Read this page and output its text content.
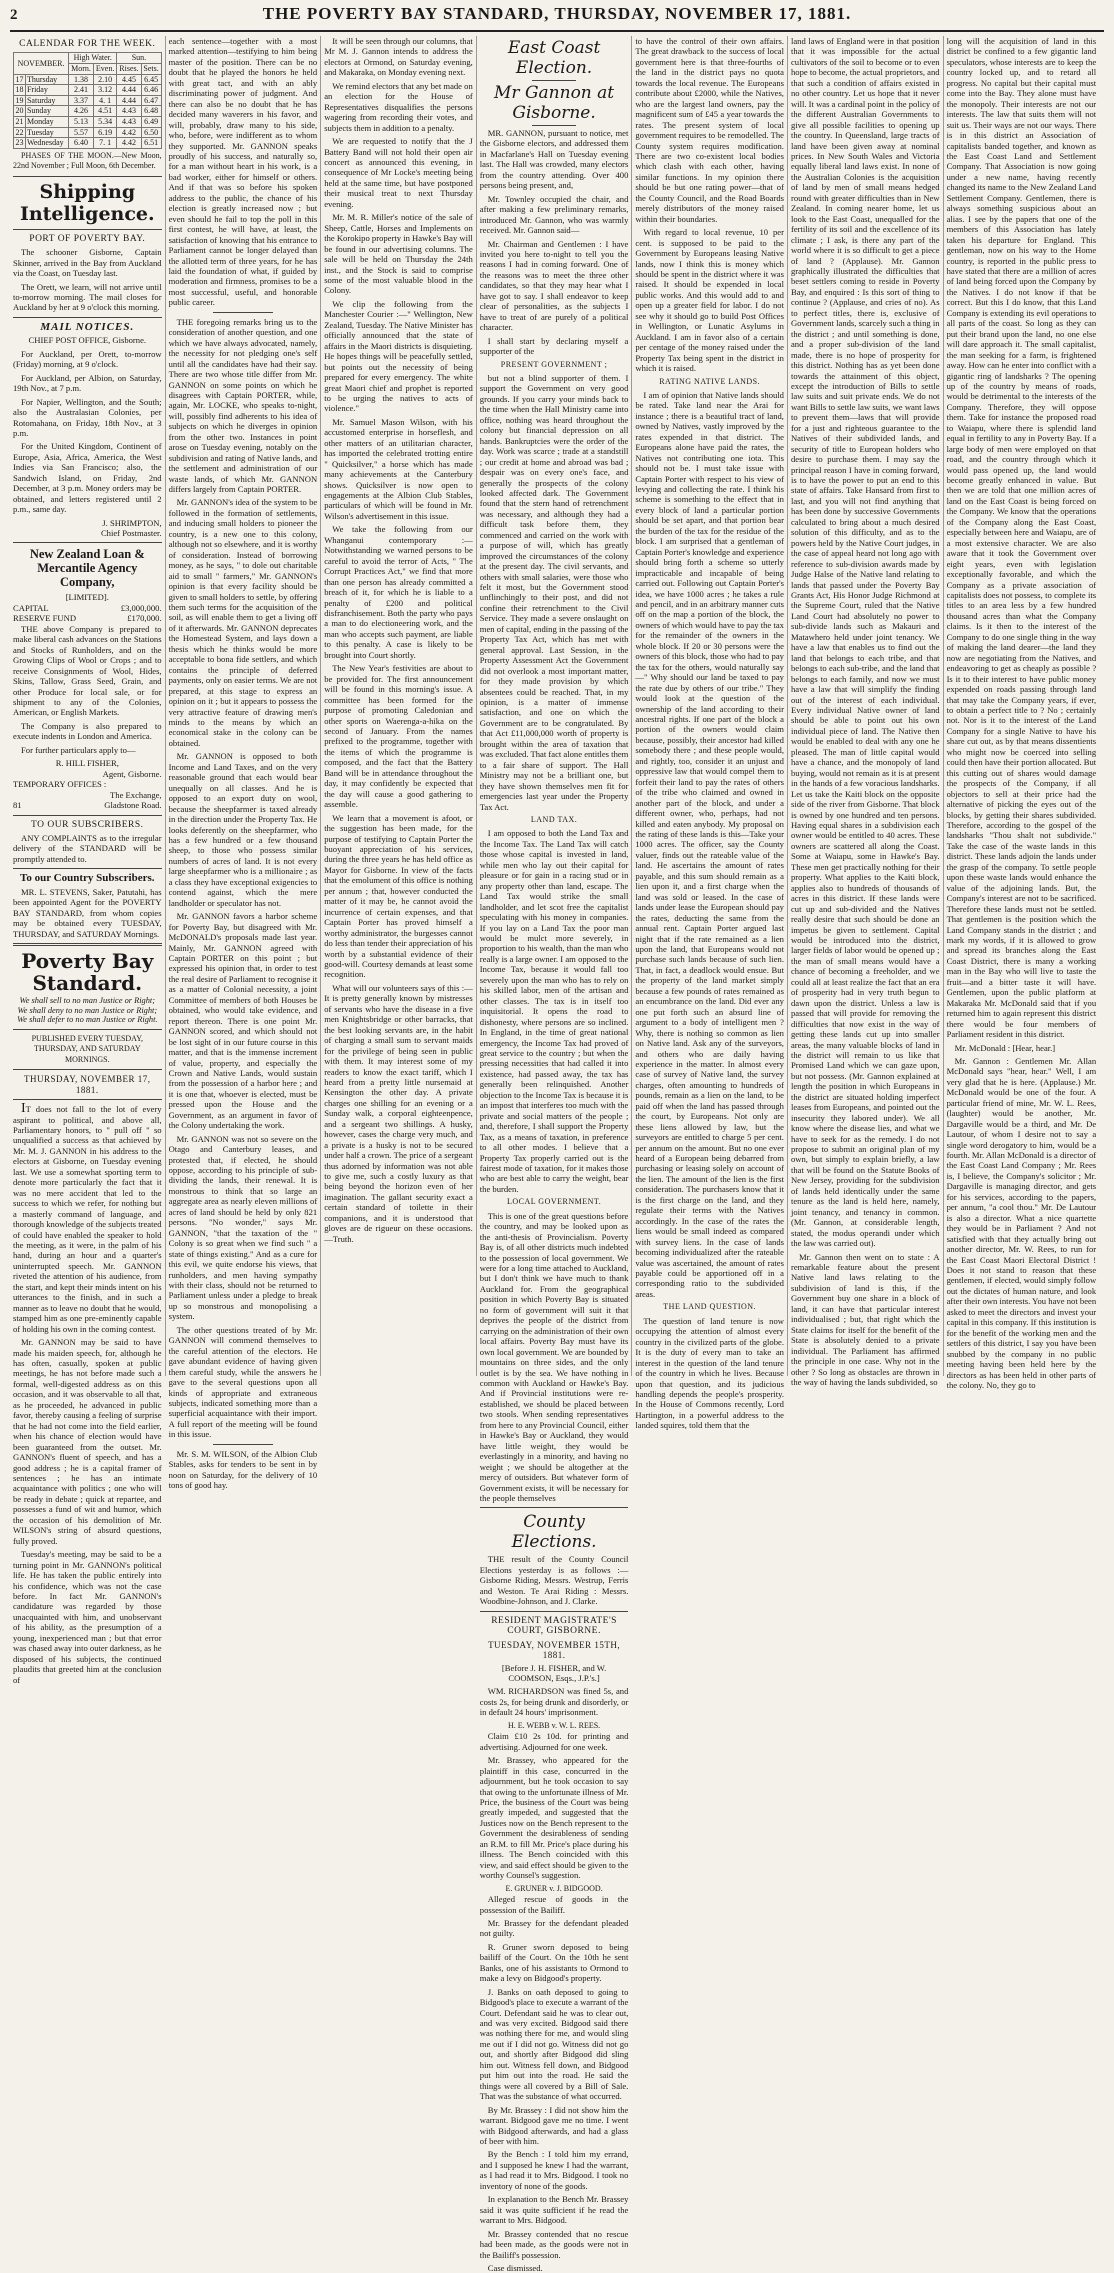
2	THE POVERTY BAY STANDARD, THURSDAY, NOVEMBER 17, 1881.
CALENDAR FOR THE WEEK.
NOVEMBER.		High Water.		Sun.	
		Morn.	Even.	Rises.	Sets.
17	Thursday	1.38	2.10	4.45	6.45
18	Friday	2.41	3.12	4.44	6.46
19	Saturday	3.37	4. 1	4.44	6.47
20	Sunday	4.26	4.51	4.43	6.48
21	Monday	5.13	5.34	4.43	6.49
22	Tuesday	5.57	6.19	4.42	6.50
23	Wednesday	6.40	7. 1	4.42	6.51

PHASES OF THE MOON.—New Moon, 22nd November ; Full Moon, 6th December.

Shipping Intelligence.
PORT OF POVERTY BAY.

The schooner Gisborne, Captain Skinner, arrived in the Bay from Auckland via the Coast, on Tuesday last.

The Orett, we learn, will not arrive until to-morrow morning. The mail closes for Auckland by her at 9 o'clock this morning.

MAIL NOTICES.

CHIEF POST OFFICE, Gisborne.

For Auckland, per Orett, to-morrow (Friday) morning, at 9 o'clock.

For Auckland, per Albion, on Saturday, 19th Nov., at 7 p.m.

For Napier, Wellington, and the South; also the Australasian Colonies, per Rotomahana, on Friday, 18th Nov., at 3 p.m.

For the United Kingdom, Continent of Europe, Asia, Africa, America, the West Indies via San Francisco; also, the Sandwich Island, on Friday, 2nd December, at 3 p.m. Money orders may be obtained, and letters registered until 2 p.m., same day.

J. SHRIMPTON,
Chief Postmaster.
New Zealand Loan & Mercantile Agency Company,
[LIMITED].
CAPITAL	£3,000,000.
RESERVE FUND	£170,000.

THE above Company is prepared to make liberal cash advances on the Stations and Stocks of Runholders, and on the Growing Clips of Wool or Crops ; and to receive Consignments of Wool, Hides, Skins, Tallow, Grass Seed, Grain, and other Produce for local sale, or for shipment to any of the Colonies, American, or English Markets.

The Company is also prepared to execute indents in London and America.

For further particulars apply to—

R. HILL FISHER,
Agent, Gisborne.
TEMPORARY OFFICES :
The Exchange,
81	Gladstone Road.
TO OUR SUBSCRIBERS.

ANY COMPLAINTS as to the irregular delivery of the STANDARD will be promptly attended to.

To our Country Subscribers.

MR. L. STEVENS, Saker, Patutahi, has been appointed Agent for the POVERTY BAY STANDARD, from whom copies may be obtained every TUESDAY, THURSDAY, and SATURDAY Mornings.

Poverty Bay Standard.
We shall sell to no man Justice or Right;
We shall deny to no man Justice or Right;
We shall defer to no man Justice or Right.
PUBLISHED EVERY TUESDAY, THURSDAY, AND SATURDAY MORNINGS.
THURSDAY, NOVEMBER 17, 1881.

IT does not fall to the lot of every aspirant to political, and above all, Parliamentary honors, to " pull off " so unqualified a success as that achieved by Mr. M. J. GANNON in his address to the electors at Gisborne, on Tuesday evening last. We use a somewhat sporting term to denote more particularly the fact that it was no mere accident that led to the success to which we refer, for nothing but a masterly command of language, and thorough knowledge of the subjects treated of could have enabled the speaker to hold the meeting, as it were, in the palm of his hand, during an hour and a quarter's uninterrupted speech. Mr. GANNON riveted the attention of his audience, from the start, and kept their minds intent on his utterances to the finish, and in such a manner as to leave no doubt that he would, stamped him as one pre-eminently capable of holding his own in the coming contest.

Mr. GANNON may be said to have made his maiden speech, for, although he has often, casually, spoken at public meetings, he has not before made such a formal, well-digested address as on this occasion, and it was observable to all that, as he proceeded, he advanced in public favor, thereby causing a feeling of surprise that he had not come into the field earlier, when his chance of election would have been guaranteed from the outset. Mr. GANNON's fluent of speech, and has a good address ; he is a capital framer of sentences ; he has an intimate acquaintance with politics ; one who will be ready in debate ; quick at repartee, and possesses a fund of wit and humor, which the occasion of his demolition of Mr. WILSON's string of absurd questions, fully proved.

Tuesday's meeting, may be said to be a turning point in Mr. GANNON's political life. He has taken the public entirely into his confidence, which was not the case before. In fact Mr. GANNON's candidature was regarded by those unacquainted with him, and unobservant of his ability, as the presumption of a young, inexperienced man ; but that error was chased away into outer darkness, as he disposed of his subjects, the continued plaudits that greeted him at the conclusion of

each sentence—together with a most marked attention—testifying to him being master of the position. There can be no doubt that he played the honors he held with great tact, and with an ably discriminating power of judgment. And there can also be no doubt that he has decided many waverers in his favor, and will, probably, draw many to his side, who, before, were indifferent as to whom they supported. Mr. GANNON speaks proudly of his success, and naturally so, for a man without heart in his work, is a bad worker, either for himself or others. And if that was so before his spoken address to the public, the chance of his election is greatly increased now ; but even should he fail to top the poll in this first contest, he will have, at least, the satisfaction of knowing that his entrance to Parliament cannot be longer delayed than the allotted term of three years, for he has laid the foundation of what, if guided by moderation and firmness, promises to be a most successful, useful, and honorable public career.

THE foregoing remarks bring us to the consideration of another question, and one which we have always advocated, namely, the necessity for not pledging one's self until all the candidates have had their say. There are two whose title differ from Mr. GANNON on some points on which he disagrees with Captain PORTER, while, again, Mr. LOCKE, who speaks to-night, will, possibly find adherents to his idea of subjects on which he diverges in opinion from the other two. Instances in point arose on Tuesday evening, notably on the subdivision and rating of Native lands, and the settlement and administration of our waste lands, of which Mr. GANNON differs largely from Captain PORTER.

Mr. GANNON's idea of the system to be followed in the formation of settlements, and inducing small holders to pioneer the country, is a new one to this colony, although not so elsewhere, and it is worthy of consideration. Instead of borrowing money, as he says, " to dole out charitable aid to small " farmers," Mr. GANNON's opinion is that every facility should be given to small holders to settle, by offering them such terms for the acquisition of the soil, as will enable them to get a living off of it afterwards. Mr. GANNON deprecates the Homestead System, and lays down a thesis which he thinks would be more acceptable to bona fide settlers, and which contains the principle of deferred payments, only on easier terms. We are not prepared, at this stage to express an opinion on it ; but it appears to possess the very attractive feature of drawing men's minds to the means by which an economical stake in the colony can be obtained.

Mr. GANNON is opposed to both Income and Land Taxes, and on the very reasonable ground that each would bear unequally on all classes. And he is opposed to an export duty on wool, because the sheepfarmer is taxed already in the direction under the Property Tax. He looks deferently on the sheepfarmer, who has a few hundred or a few thousand sheep, to those who possess similar numbers of acres of land. It is not every large sheepfarmer who is a millionaire ; as a class they have exceptional exigencies to contend against, which the mere landholder or speculator has not.

Mr. GANNON favors a harbor scheme for Poverty Bay, but disagreed with Mr. McDONALD's proposals made last year. Mainly, Mr. GANNON agreed with Captain PORTER on this point ; but expressed his opinion that, in order to test the real desire of Parliament to recognise it as a matter of Colonial necessity, a joint Committee of members of both Houses be obtained, who would take evidence, and report thereon. There is one point Mr. GANNON scored, and which should not be lost sight of in our future course in this matter, and that is the immense increment of value, property, and especially the Crown and Native Lands, would sustain from the possession of a harbor here ; and it is one that, whoever is elected, must be pressed upon the House and the Government, as an argument in favor of the Colony undertaking the work.

Mr. GANNON was not so severe on the Otago and Canterbury leases, and protested that, if elected, he should oppose, according to his principle of sub-dividing the lands, their renewal. It is monstrous to think that so large an aggregate area as nearly eleven millions of acres of land should be held by only 821 persons. "No wonder," says Mr. GANNON, "that the taxation of the " Colony is so great when we find such " a state of things existing." And as a cure for this evil, we quite endorse his views, that runholders, and men having sympathy with their class, should not be returned to Parliament unless under a pledge to break up so monstrous and monopolising a system.

The other questions treated of by Mr. GANNON will commend themselves to the careful attention of the electors. He gave abundant evidence of having given them careful study, while the answers he gave to the several questions upon all kinds of appropriate and extraneous subjects, indicated something more than a superficial acquaintance with their import. A full report of the meeting will be found in this issue.

Mr. S. M. WILSON, of the Albion Club Stables, asks for tenders to be sent in by noon on Saturday, for the delivery of 10 tons of good hay.

It will be seen through our columns, that Mr M. J. Gannon intends to address the electors at Ormond, on Saturday evening, and Makaraka, on Monday evening next.

We remind electors that any bet made on an election for the House of Representatives disqualifies the persons wagering from recording their votes, and subjects them in addition to a penalty.

We are requested to notify that the J Battery Band will not hold their open air concert as announced this evening, in consequence of Mr Locke's meeting being held at the same time, but have postponed their musical treat to next Thursday evening.

Mr. M. R. Miller's notice of the sale of Sheep, Cattle, Horses and Implements on the Korokipo property in Hawke's Bay will be found in our advertising columns. The sale will be held on Thursday the 24th inst., and the Stock is said to comprise some of the most valuable blood in the Colony.

We clip the following from the Manchester Courier :—" Wellington, New Zealand, Tuesday. The Native Minister has officially announced that the state of affairs in the Maori districts is disquieting. He hopes things will be peacefully settled, but points out the necessity of being prepared for every emergency. The white great Maori chief and prophet is reported to be urging the natives to acts of violence."

Mr. Samuel Mason Wilson, with his accustomed enterprise in horseflesh, and other matters of an utilitarian character, has imported the celebrated trotting entire " Quicksilver," a horse which has made many achievements at the Canterbury shows. Quicksilver is now open to engagements at the Albion Club Stables, particulars of which will be found in Mr. Wilson's advertisement in this issue.

We take the following from our Whanganui contemporary :—Notwithstanding we warned persons to be careful to avoid the terror of Acts, " The Corrupt Practices Act," we find that more than one person has already committed a breach of it, for which he is liable to a penalty of £200 and political disfranchisement. Both the party who pays a man to do electioneering work, and the man who accepts such payment, are liable to this penalty. A case is likely to be brought into Court shortly.

The New Year's festivities are about to be provided for. The first announcement will be found in this morning's issue. A committee has been formed for the purpose of promoting Caledonian and other sports on Waerenga-a-hika on the second of January. From the names prefixed to the programme, together with the items of which the programme is composed, and the fact that the Battery Band will be in attendance throughout the day, it may confidently be expected that the day will cause a good gathering to assemble.

We learn that a movement is afoot, or the suggestion has been made, for the purpose of testifying to Captain Porter the buoyant appreciation of his services, during the three years he has held office as Mayor for Gisborne. In view of the facts that the emolument of this office is nothing per annum ; that, however conducted the matter of it may be, he cannot avoid the incurrence of certain expenses, and that Captain Porter has proved himself a worthy administrator, the burgesses cannot do less than tender their appreciation of his worth by a substantial evidence of their good-will. Courtesy demands at least some recognition.

What will our volunteers says of this :—It is pretty generally known by mistresses of servants who have the disease in a five men Knightsbridge or other barracks, that the best looking servants are, in the habit of charging a small sum to servant maids for the privilege of being seen in public with them. It may interest some of my readers to know the exact tariff, which I heard from a pretty little nursemaid at Kensington the other day. A private charges one shilling for an evening or a Sunday walk, a corporal eighteenpence, and a sergeant two shillings. A husky, however, cases the charge very much, and a private is a husky is not to be secured under half a crown. The price of a sergeant thus adorned by information was not able to give me, such a costly luxury as that being beyond the horizon even of her imagination. The gallant security exact a certain standard of toilette in their companions, and it is understood that gloves are de rigueur on these occasions.—Truth.

East Coast Election.
Mr Gannon at Gisborne.

MR. GANNON, pursuant to notice, met the Gisborne electors, and addressed them in Macfarlane's Hall on Tuesday evening last. The Hall was crowded, many electors from the country attending. Over 400 persons being present, and,

Mr. Townley occupied the chair, and after making a few preliminary remarks, introduced Mr. Gannon, who was warmly received. Mr. Gannon said—

Mr. Chairman and Gentlemen : I have invited you here to-night to tell you the reasons I had in coming forward. One of the reasons was to meet the three other candidates, so that they may hear what I have got to say. I shall endeavor to keep clear of personalities, as the subjects I have to treat of are purely of a political character.

I shall start by declaring myself a supporter of the

PRESENT GOVERNMENT ;

but not a blind supporter of them. I support the Government on very good grounds. If you carry your minds back to the time when the Hall Ministry came into office, nothing was heard throughout the colony but financial depression on all hands. Bankruptcies were the order of the day. Work was scarce ; trade at a standstill ; our credit at home and abroad was bad ; despair was on every one's face, and generally the prospects of the colony looked affected dark. The Government found that the stern hand of retrenchment was necessary, and although they had a difficult task before them, they commenced and carried on the work with a purpose of will, which has greatly improved the circumstances of the colony at the present day. The civil servants, and others with small salaries, were those who felt it most, but the Government stood unflinchingly to their post, and did not confine their retrenchment to the Civil Service. They made a severe onslaught on men of capital, ending in the passing of the Property Tax Act, which has met with general approval. Last Session, in the Property Assessment Act the Government did not overlook a most important matter, for they made provision by which absentees could be reached. That, in my opinion, is a matter of immense satisfaction, and one on which the Government are to be congratulated. By that Act £11,000,000 worth of property is brought within the area of taxation that was excluded. That fact alone entitles them to a fair share of support. The Hall Ministry may not be a brilliant one, but they have shown themselves men fit for emergencies last year under the Property Tax Act.

LAND TAX.

I am opposed to both the Land Tax and the Income Tax. The Land Tax will catch those whose capital is invested in land, while men who lay out their capital for pleasure or for gain in a racing stud or in any property other than land, escape. The Land Tax would strike the small landholder, and let scot free the capitalist speculating with his money in companies. If you lay on a Land Tax the poor man would be mulct more severely, in proportion to his wealth, than the man who really is a large owner. I am opposed to the Income Tax, because it would fall too severely upon the man who has to rely on his skilled labor, men of the artisan and other classes. The tax is in itself too inquisitorial. It opens the road to dishonesty, where persons are so inclined. In England, in the time of great national emergency, the Income Tax had proved of great service to the country ; but when the pressing necessities that had called it into existence, had passed away, the tax has generally been relinquished. Another objection to the Income Tax is because it is an impost that interferes too much with the private and social matters of the people ; and, therefore, I shall support the Property Tax, as a means of taxation, in preference to all other modes. I believe that a Property Tax properly carried out is the fairest mode of taxation, for it makes those who are best able to carry the weight, bear the burden.

LOCAL GOVERNMENT.

This is one of the great questions before the country, and may be looked upon as the anti-thesis of Provincialism. Poverty Bay is, of all other districts much indebted to the possession of local government. We were for a long time attached to Auckland, but I don't think we have much to thank Auckland for. From the geographical position in which Poverty Bay is situated no form of government will suit it that deprives the people of the district from carrying on the administration of their own local affairs. Poverty Bay must have its own local government. We are bounded by mountains on three sides, and the only outlet is by the sea. We have nothing in common with Auckland or Hawke's Bay. And if Provincial institutions were re-established, we should be placed between two stools. When sending representatives from here to any Provincial Council, either in Hawke's Bay or Auckland, they would have little weight, they would be everlastingly in a minority, and having no weight ; we should be altogether at the mercy of outsiders. But whatever form of Government exists, it will be necessary for the people themselves

County Elections.

THE result of the County Council Elections yesterday is as follows :—Gisborne Riding, Messrs. Westrup, Ferris and Weston. Te Arai Riding : Messrs. Woodbine-Johnson, and J. Clarke.

RESIDENT MAGISTRATE'S COURT, GISBORNE.
TUESDAY, NOVEMBER 15TH, 1881.

[Before J. H. FISHER, and W. COOMSON, Esqs., J.P.'s.]

WM. RICHARDSON was fined 5s, and costs 2s, for being drunk and disorderly, or in default 24 hours' imprisonment.

H. E. WEBB v. W. L. REES.

Claim £10 2s 10d. for printing and advertising. Adjourned for one week.

Mr. Brassey, who appeared for the plaintiff in this case, concurred in the adjournment, but he took occasion to say that owing to the unfortunate illness of Mr. Price, the business of the Court was being greatly impeded, and suggested that the Justices now on the Bench represent to the Government the desirableness of sending an R.M. to fill Mr. Price's place during his illness. The Bench coincided with this view, and said effect should be given to the worthy Counsel's suggestion.

E. GRUNER v. J. BIDGOOD.

Alleged rescue of goods in the possession of the Bailiff.

Mr. Brassey for the defendant pleaded not guilty.

R. Gruner sworn deposed to being bailiff of the Court. On the 10th he sent Banks, one of his assistants to Ormond to make a levy on Bidgood's property.

J. Banks on oath deposed to going to Bidgood's place to execute a warrant of the Court. Defendant said he was to clear out, and was very excited. Bidgood said there was nothing there for me, and would sling me out if I did not go. Witness did not go out, and shortly after Bidgood did sling him out. Witness fell down, and Bidgood put him out into the road. He said the things were all covered by a Bill of Sale. That was the substance of what occurred.

By Mr. Brassey : I did not show him the warrant. Bidgood gave me no time. I went with Bidgood afterwards, and had a glass of beer with him.

By the Bench : I told him my errand, and I supposed he knew I had the warrant, as I had read it to Mrs. Bidgood. I took no inventory of none of the goods.

In explanation to the Bench Mr. Brassey said it was quite sufficient if he read the warrant to Mrs. Bidgood.

Mr. Brassey contended that no rescue had been made, as the goods were not in the Bailiff's possession.

Case dismissed.

to have the control of their own affairs. The great drawback to the success of local government here is that three-fourths of the land in the district pays no quota towards the local revenue. The Europeans contribute about £2000, while the Natives, who are the largest land owners, pay the magnificent sum of £45 a year towards the rates. The present system of local government requires to be remodelled. The County system requires modification. There are two co-existent local bodies which clash with each other, having similar functions. In my opinion there should be but one rating power—that of the County Council, and the Road Boards merely distributors of the money raised within their boundaries.

With regard to local revenue, 10 per cent. is supposed to be paid to the Government by Europeans leasing Native lands, now I think this is money which should be spent in the district where it was raised. It should be expended in local public works. And this would add to and open up a greater field for labor. I do not see why it should go to build Post Offices in Wellington, or Lunatic Asylums in Auckland. I am in favor also of a certain per centage of the money raised under the Property Tax being spent in the district in which it is raised.

RATING NATIVE LANDS.

I am of opinion that Native lands should be rated. Take land near the Arai for instance ; there is a beautiful tract of land, owned by Natives, vastly improved by the rates expended in that district. The Europeans alone have paid the rates, the Natives not contributing one iota. This should not be. I must take issue with Captain Porter with respect to his view of levying and collecting the rate. I think his scheme is something to the effect that in every block of land a particular portion should be set apart, and that portion bear the burden of the tax for the residue of the block. I am surprised that a gentleman of Captain Porter's knowledge and experience should bring forth a scheme so utterly impracticable and incapable of being carried out. Following out Captain Porter's idea, we have 1000 acres ; he takes a rule and pencil, and in an arbitrary manner cuts off on the map a portion of the block, the owners of which would have to pay the tax for the remainder of the owners in the whole block. If 20 or 30 persons were the owners of this block, those who had to pay the tax for the others, would naturally say—" Why should our land be taxed to pay the rate due by others of our tribe." They would look at the question of the ownership of the land according to their ancestral rights. If one part of the block a portion of the owners would claim because, possibly, their ancestor had killed somebody there ; and these people would, and rightly, too, consider it an unjust and oppressive law that would compel them to forfeit their land to pay the rates of others of the tribe who claimed and owned in another part of the block, and under a different owner, who, perhaps, had not killed and eaten anybody. My proposal on the rating of these lands is this—Take your 1000 acres. The officer, say the County valuer, finds out the rateable value of the land. He ascertains the amount of rates payable, and this sum should remain as a lien upon it, and a first charge when the land was sold or leased. In the case of lands under lease the European should pay the rates, deducting the same from the annual rent. Captain Porter argued last night that if the rate remained as a lien upon the land, that Europeans would not purchase such lands because of such lien. That, in fact, a deadlock would ensue. But the property of the land market simply because a few pounds of rates remained as an encumbrance on the land. Did ever any one put forth such an absurd line of argument to a body of intelligent men ? Why, there is nothing so common as lien on Native land. Ask any of the surveyors, and others who are daily having experience in the matter. In almost every case of survey of Native land, the survey charges, often amounting to hundreds of pounds, remain as a lien on the land, to be paid off when the land has passed through the court, by Europeans. Not only are these liens allowed by law, but the surveyors are entitled to charge 5 per cent. per annum on the amount. But no one ever heard of a European being debarred from purchasing or leasing solely on account of the lien. The amount of the lien is the first consideration. The purchasers know that it is the first charge on the land, and they regulate their terms with the Natives accordingly. In the case of the rates the liens would be small indeed as compared with survey liens. In the case of lands becoming individualized after the rateable value was ascertained, the amount of rates payable could be apportioned off in a corresponding ratio to the subdivided areas.

THE LAND QUESTION.

The question of land tenure is now occupying the attention of almost every country in the civilized parts of the globe. It is the duty of every man to take an interest in the question of the land tenure of the country in which he lives. Because upon that question, and its judicious handling depends the people's prosperity. In the House of Commons recently, Lord Hartington, in a powerful address to the landed squires, told them that the

land laws of England were in that position that it was impossible for the actual cultivators of the soil to become or to even hope to become, the actual proprietors, and that such a condition of affairs existed in no other country. Let us hope that it never will. It was a cardinal point in the policy of the different Australian Governments to give all possible facilities to opening up the country. In Queensland, large tracts of land have been given away at nominal prices. In New South Wales and Victoria equally liberal land laws exist. In none of the Australian Colonies is the acquisition of land by men of small means hedged round with greater difficulties than in New Zealand. In coming nearer home, let us look to the East Coast, unequalled for the fertility of its soil and the excellence of its climate ; I ask, is there any part of the world where it is so difficult to get a piece of land ? (Applause). Mr. Gannon graphically illustrated the difficulties that beset settlers coming to reside in Poverty Bay, and enquired : Is this sort of thing to continue ? (Applause, and cries of no). As to perfect titles, there is, exclusive of Government lands, scarcely such a thing in the district ; and until something is done, and a proper sub-division of the land made, there is no hope of prosperity for this district. Nothing has as yet been done towards the attainment of this object, except the introduction of Bills to settle law suits and suit private ends. We do not want Bills to settle law suits, we want laws to prevent them—laws that will provide for a just and righteous guarantee to the Natives of their subdivided lands, and security of title to European holders who desire to purchase them. I may say the principal reason I have in coming forward, is to have the power to put an end to this state of affairs. Take Hansard from first to last, and you will not find anything that has been done by successive Governments calculated to bring about a much desired solution of this difficulty, and as to the powers held by the Native Court judges, in the case of appeal heard not long ago with reference to sub-division awards made by Judge Halse of the Native land relating to lands that passed under the Poverty Bay Grants Act, His Honor Judge Richmond at the Supreme Court, ruled that the Native Land Court had absolutely no power to sub-divide lands such as Makauri and Matawhero held under joint tenancy. We have a law that enables us to find out the land that belongs to each tribe, and that belongs to each sub-tribe, and the land that belongs to each family, and now we must have a law that will simplify the finding out of the interest of each individual. Every individual Native owner of land should be able to point out his own individual piece of land. The Native then would be enabled to deal with any one he pleased. The man of little capital would have a chance, and the monopoly of land buying, would not remain as it is at present in the hands of a few voracious landsharks. Let us take the Kaiti block on the opposite side of the river from Gisborne. That block is owned by one hundred and ten persons. Having equal shares in a subdivision each owner would be entitled to 40 acres. These owners are scattered all along the Coast. Some at Waiapu, some in Hawke's Bay. These men get practically nothing for their property. What applies to the Kaiti block, applies also to hundreds of thousands of acres in this district. If these lands were cut up and sub-divided and the Natives really desire that such should be done an impetus be given to settlement. Capital would be introduced into the district, larger fields of labor would be opened up ; the man of small means would have a chance of becoming a freeholder, and we could all at least realize the fact that an era of prosperity had in very truth begun to dawn upon the district. Unless a law is passed that will provide for removing the difficulties that now exist in the way of getting these lands cut up into smaller areas, the many valuable blocks of land in the district will remain to us like that Promised Land which we can gaze upon, but not possess. (Mr. Gannon explained at length the position in which Europeans in the district are situated holding imperfect leases from Europeans, and pointed out the insecurity they labored under). We all know where the disease lies, and what we have to seek for as the remedy. I do not propose to submit an original plan of my own, but simply to explain briefly, a law that will be found on the Statute Books of New Jersey, providing for the subdivision of lands held identically under the same tenure as the land is held here, namely, joint tenancy, and tenancy in common. (Mr. Gannon, at considerable length, stated, the modus operandi under which the law was carried out).

Mr. Gannon then went on to state : A remarkable feature about the present Native land laws relating to the subdivision of land is this, if the Government buy one share in a block of land, it can have that particular interest individualised ; but, that right which the State claims for itself for the benefit of the State is absolutely denied to a private individual. The Parliament has affirmed the principle in one case. Why not in the other ? So long as obstacles are thrown in the way of having the lands subdivided, so

long will the acquisition of land in this district be confined to a few gigantic land speculators, whose interests are to keep the country locked up, and to retard all progress. No capital but their capital must come into the Bay. They alone must have the monopoly. Their interests are not our interests. The law that suits them will not suit us. Their ways are not our ways. There is in this district an Association of capitalists banded together, and known as the East Coast Land and Settlement Company. That Association is now going under a new name, having recently changed its name to the New Zealand Land Settlement Company. Gentlemen, there is always something suspicious about an alias. I see by the papers that one of the members of this Association has lately taken his departure for England. This gentleman, now on his way to the Home country, is reported in the public press to have stated that there are a million of acres of land being forced upon the Company by the Natives. I do not know if that be correct. But this I do know, that this Land Company is extending its evil operations to all parts of the coast. So long as they can put their brand upon the land, no one else will dare approach it. The small capitalist, the man seeking for a farm, is frightened away. How can he enter into conflict with a gigantic ring of landsharks ? The opening up of the country by means of roads, would be detrimental to the interests of the Company. Therefore, they will oppose them. Take for instance the proposed road to Waiapu, where there is splendid land equal in fertility to any in Poverty Bay. If a large body of men were employed on that road, and the country through which it would pass opened up, the land would become greatly enhanced in value. But then we are told that one million acres of land on the East Coast is being forced on the Company. We know that the operations of the Company along the East Coast, especially between here and Waiapu, are of a most extensive character. We are also aware that it took the Government over eight years, even with legislation exceptionally favorable, and which the Company as a private association of capitalists does not possess, to complete its titles to an area less by a few hundred thousand acres than what the Company claims. Is it then to the interest of the Company to do one single thing in the way of making the land dearer—the land they now are negotiating from the Natives, and endeavoring to get as cheaply as possible ? Is it to their interest to have public money expended on roads passing through land that may take the Company years, if ever, to obtain a perfect title to ? No ; certainly not. Nor is it to the interest of the Land Company for a single Native to have his share cut out, as by that means dissentients who might now be coerced into selling could then have their portion allocated. But this cutting out of shares would damage the prospects of the Company, if all objectors to sell at their price had the alternative of picking the eyes out of the blocks, by getting their shares subdivided. Therefore, according to the gospel of the landsharks "Thou shalt not subdivide." Take the case of the waste lands in this district. These lands adjoin the lands under the grasp of the company. To settle people upon these waste lands would enhance the value of the adjoining lands. But, the Company's interest are not to be sacrificed. Therefore these lands must not be settled. That gentlemen is the position which the Land Company stands in the district ; and mark my words, if it is allowed to grow and spread its branches along the East Coast District, there is many a working man in the Bay who will live to taste the fruit—and a bitter taste it will have. Gentlemen, upon the public platform at Makaraka Mr. McDonald said that if you returned him to again represent this district there would be four members of Parliament resident in this district.

Mr. McDonald : [Hear, hear.]

Mr. Gannon : Gentlemen Mr. Allan McDonald says "hear, hear." Well, I am very glad that he is here. (Applause.) Mr. McDonald would be one of the four. A particular friend of mine, Mr. W. L. Rees, (laughter) would be another, Mr. Dargaville would be a third, and Mr. De Lautour, of whom I desire not to say a single word derogatory to him, would be a fourth. Mr. Allan McDonald is a director of the East Coast Land Company ; Mr. Rees is, I believe, the Company's solicitor ; Mr. Dargaville is managing director, and gets for his services, according to the papers, per annum, "a cool thou." Mr. De Lautour is also a director. What a nice quartette they would be in Parliament ? And not satisfied with that they actually bring out another director, Mr. W. Rees, to run for the East Coast Maori Electoral District ! Does it not stand to reason that these gentlemen, if elected, would simply follow out the dictates of human nature, and look after their own interests. You have not been asked to meet the directors and invest your capital in this company. If this institution is for the benefit of the working men and the settlers of this district, I say you have been snubbed by the company in no public meeting having been held here by the directors as has been held in other parts of the colony. No, they go to
